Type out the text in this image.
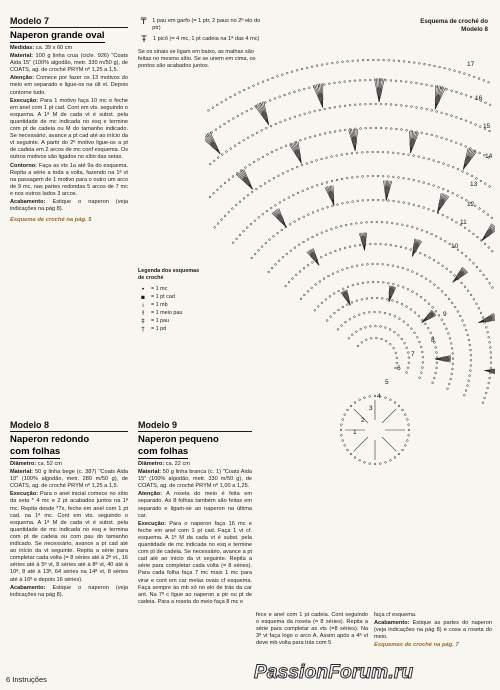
Modelo 7
Naperon grande oval

Medidas: ca. 39 x 60 cm

Material: 100 g linha crua (cicle. 926) "Coats Aida 15" (100% algodão, metr. 330 m/50 g), de COATS, ag. de croché PRYM nº 1,25 a 1,5.

Atenção: Comece por fazer os 13 motivos do meio em separado e ligue-os na últ vt. Depois contorne tudo.

Execução: Para 1 motivo faça 10 mc e feche em anel com 1 pt cad. Cont em vts. seguindo o esquema. A 1ª M de cada vt é subst. pela quantidade de mc indicada no esq e termine com pt de cadeia ou M do tamanho indicado. Se necessário, avance a pt cad até ao início da vt seguinte. A partir do 2º motivo ligue-os a pt de cadeia em 2 arcos de mc conf esquema. Os outros motivos são ligados no sítio das setas.

Contorno: Faça as vts 1a até 9a do esquema. Repita a série a toda a volta, fazendo na 1ª vt na passagem de 1 motivo para o outro um arco de 9 mc, nas partes redondas 5 arcos de 7 mc e nos outros lados 3 arcos.

Acabamento: Estique o naperon (veja indicações na pág 8).

Esquema de croché na pág. 5

₸	1 pau em garfo (= 1 ptr, 2 paus no 2º elo do ptr)
Ŧ	1 picô (= 4 mc, 1 pt cadeia na 1ª das 4 mc)
Se os sinais se ligam em baixo, as malhas são feitas no mesmo sítio. Se se unem em cima, os pontos são acabados juntos.
Legenda dos esquemas de croché
•	= 1 mc
▪	= 1 pt cad
ı	= 1 mb
ł	= 1 meio pau
‡	= 1 pau
†	= 1 pd
Esquema de croché do
Modelo 8
17
16
15
14
13
12
11
10
9
8
7
6
5
4
3
2
1
Modelo 8
Naperon redondo com folhas

Diâmetro: ca. 52 cm

Material: 50 g linha bege (c. 387) "Coats Aida 10" (100% algodão, metr. 280 m/50 g), de COATS, ag. de croché PRYM nº 1,25 a 1,5.

Execução: Para o anel inicial comece no sítio da seta * 4 mc e 2 pt acabados juntos na 1ª mc. Repita desde *7x, feche em anel com 1 pt cad. na 1ª mc. Cont em vts. seguindo o esquema. A 1ª M de cada vt é subst. pela quantidade de mc indicada no esq e termina com pt de cadeia ou com pau do tamanho indicado. Se necessário, avance a pt cad até ao início da vt seguinte. Repita a série para completar cada volta (= 8 séries até à 2ª vt., 16 séries até à 5ª vt, 8 séries até à 8ª vt, 40 até à 10ª, 8 até à 13ª, 64 séries na 14ª vt, 8 séries até à 16ª e depois 16 séries).

Acabamento: Estique o naperon (veja indicações na pág 8).

Modelo 9
Naperon pequeno com folhas

Diâmetro: ca. 22 cm

Material: 50 g linha branca (c. 1) "Coats Aida 15" (100% algodão, metr. 330 m/50 g), de COATS, ag. de croché PRYM nº 1,00 a 1,25.

Atenção: A roseta do meio é feita em separado. As 8 folhas também são feitas em separado e ligam-se ao naperon na última car.

Execução: Para o naperon faça 16 mc e feche em anel com 1 pt cad. Faça 1 vt cf. esquema. A 1ª M da cada vt é subst. pela quantidade de mc indicada no esq e termine com pt de cadeia. Se necessário, avance a pt cad até ao início da vt seguinte. Repita a série para completar cada volta (= 8 séries). Para cada folha faça 7 mc mais 1 mc para virar e cont em car melas ovais cf esquema. Faça sempre às mb só no elo de trás da car ant. Na 7ª c ligue ao naperon a ptr ou pt de cadeia. Para a roseta do meio faça 8 mc e

fece e anel com 1 pt cadeia. Cont seguindo o esquema da roseta (= 8 séries). Repita a série para completar as vts (=8 séries). Na 3ª vt faça logo o arco A. Assim após a 4ª vt deve mb volta para trás com 5

faça cf esquema.

Acabamento: Estique as partes do naperon (veja indicações na pág 8) e cosa a roseta do meio.

Esquemas de croché na pág. 7

6 Instruções	PassionForum.ru
